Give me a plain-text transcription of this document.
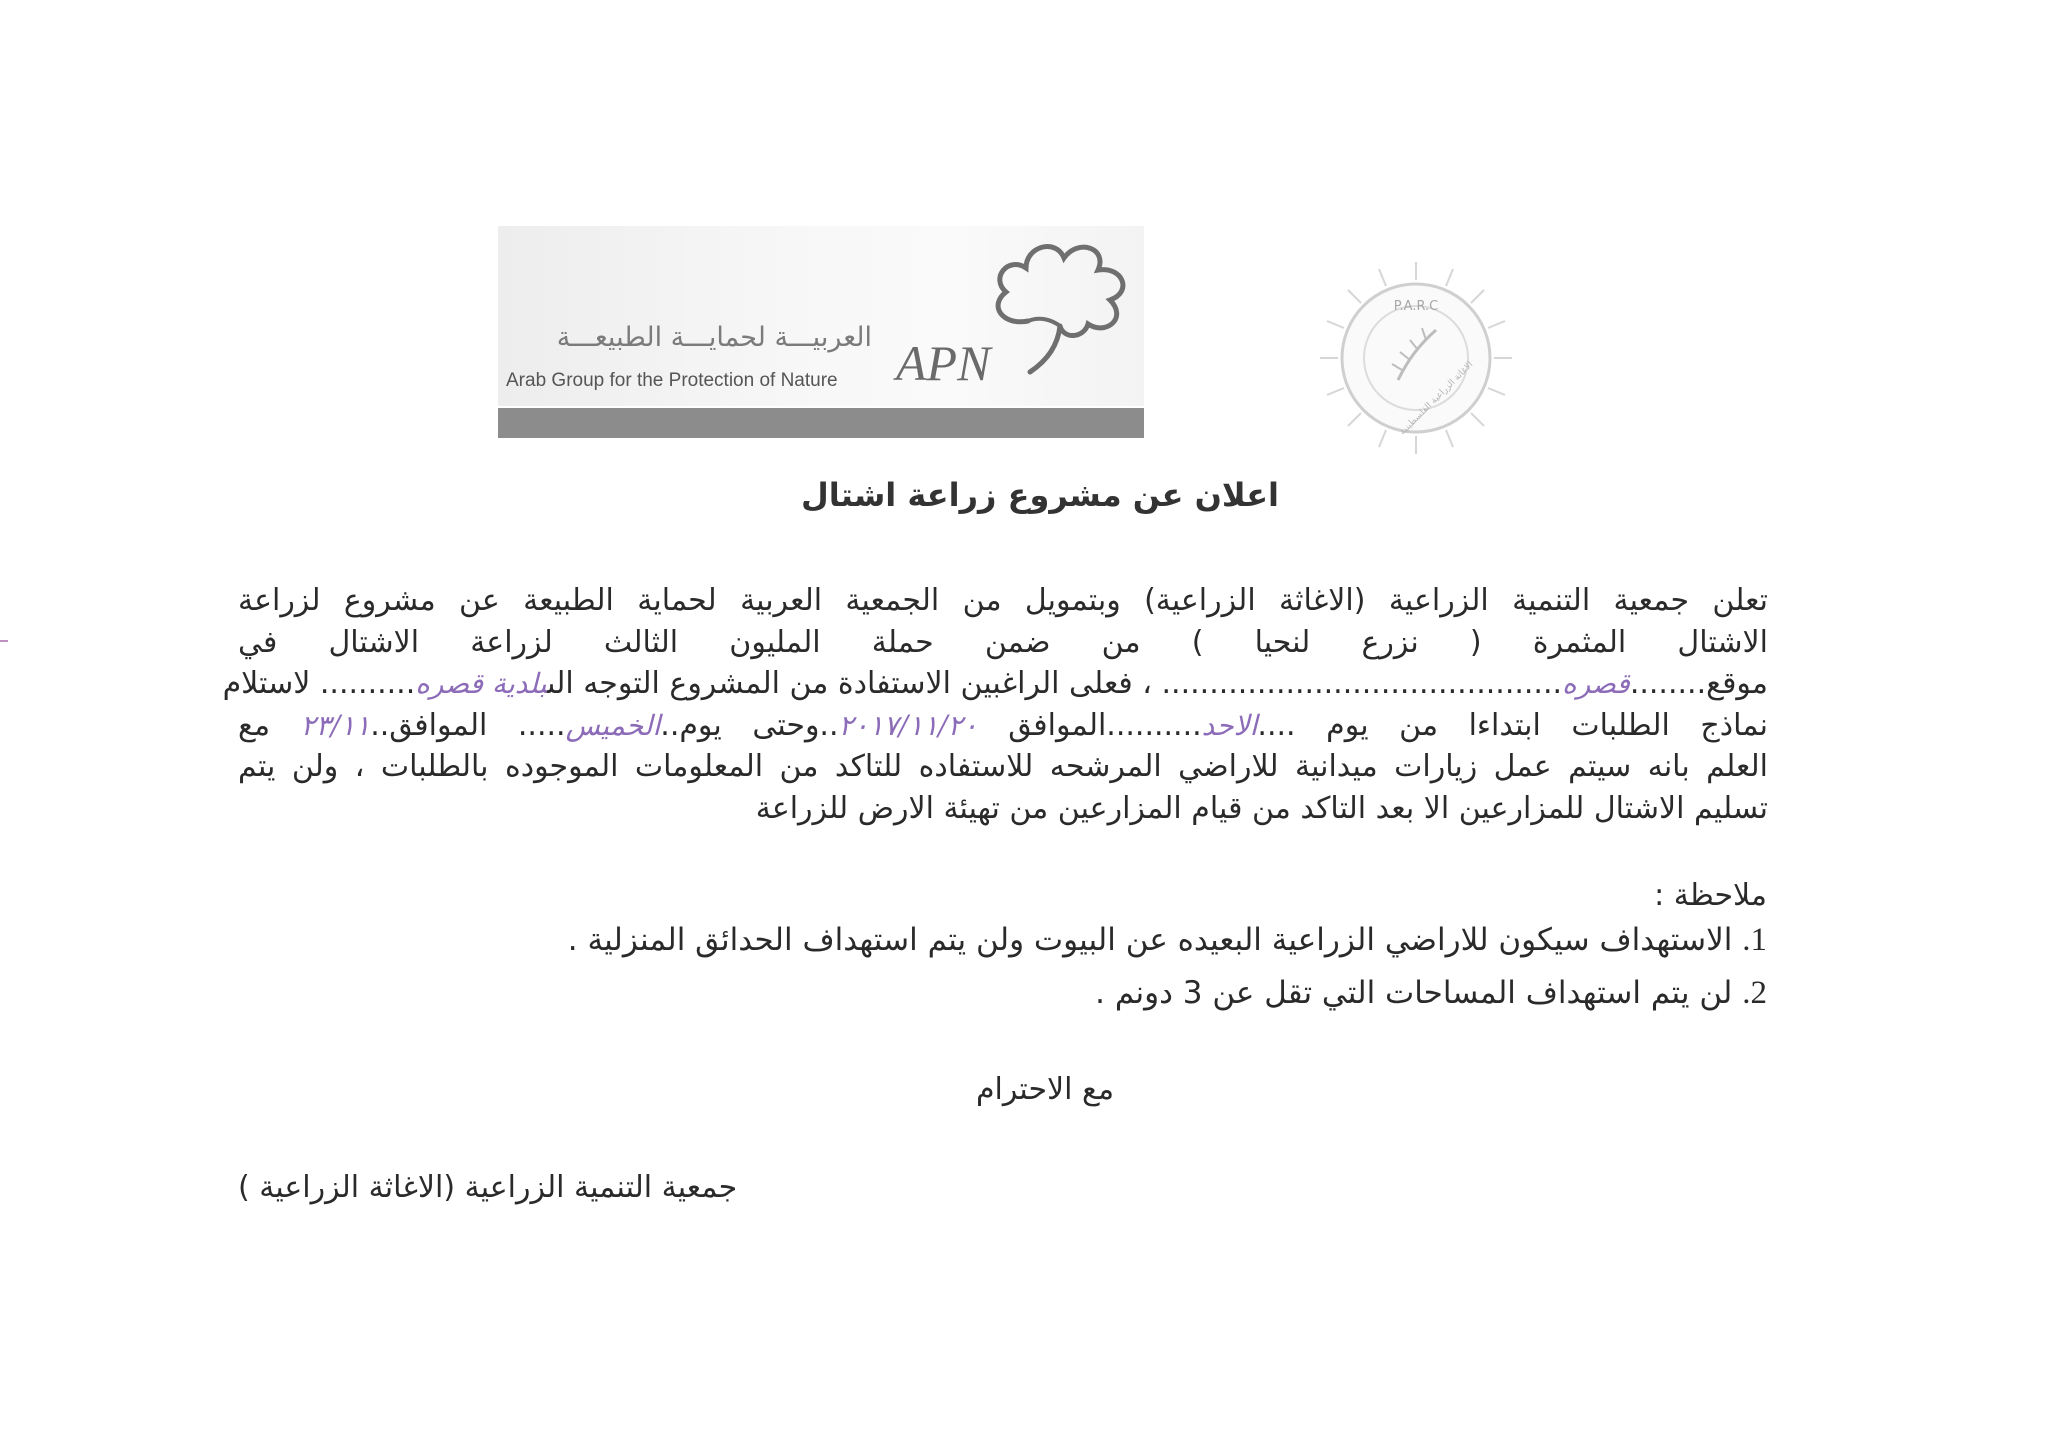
العربيـــة لحمايـــة الطبيعـــة
Arab Group for the Protection of Nature APN
P.A.R.C
الاغاثة الزراعية الفلسطينية
اعلان عن مشروع زراعة اشتال
تعلن جمعية التنمية الزراعية (الاغاثة الزراعية) وبتمويل من الجمعية العربية لحماية الطبيعة عن مشروع لزراعة
الاشتال المثمرة ( نزرع لنحيا ) من ضمن حملة المليون الثالث لزراعة الاشتال في
موقع........قصره.......................................... ، فعلى الراغبين الاستفادة من المشروع التوجه الىبلدية قصره.......... لاستلام
نماذج الطلبات ابتداءا من يوم ....الاحد..........الموافق ٢٠١٧/١١/٢٠..وحتى يوم..الخميس..... الموافق..٢٣/١١ مع
العلم بانه سيتم عمل زيارات ميدانية للاراضي المرشحه للاستفاده للتاكد من المعلومات الموجوده بالطلبات ، ولن يتم
تسليم الاشتال للمزارعين الا بعد التاكد من قيام المزارعين من تهيئة الارض للزراعة
ملاحظة :
1. الاستهداف سيكون للاراضي الزراعية البعيده عن البيوت ولن يتم استهداف الحدائق المنزلية .
2. لن يتم استهداف المساحات التي تقل عن 3 دونم .
مع الاحترام
جمعية التنمية الزراعية (الاغاثة الزراعية )
